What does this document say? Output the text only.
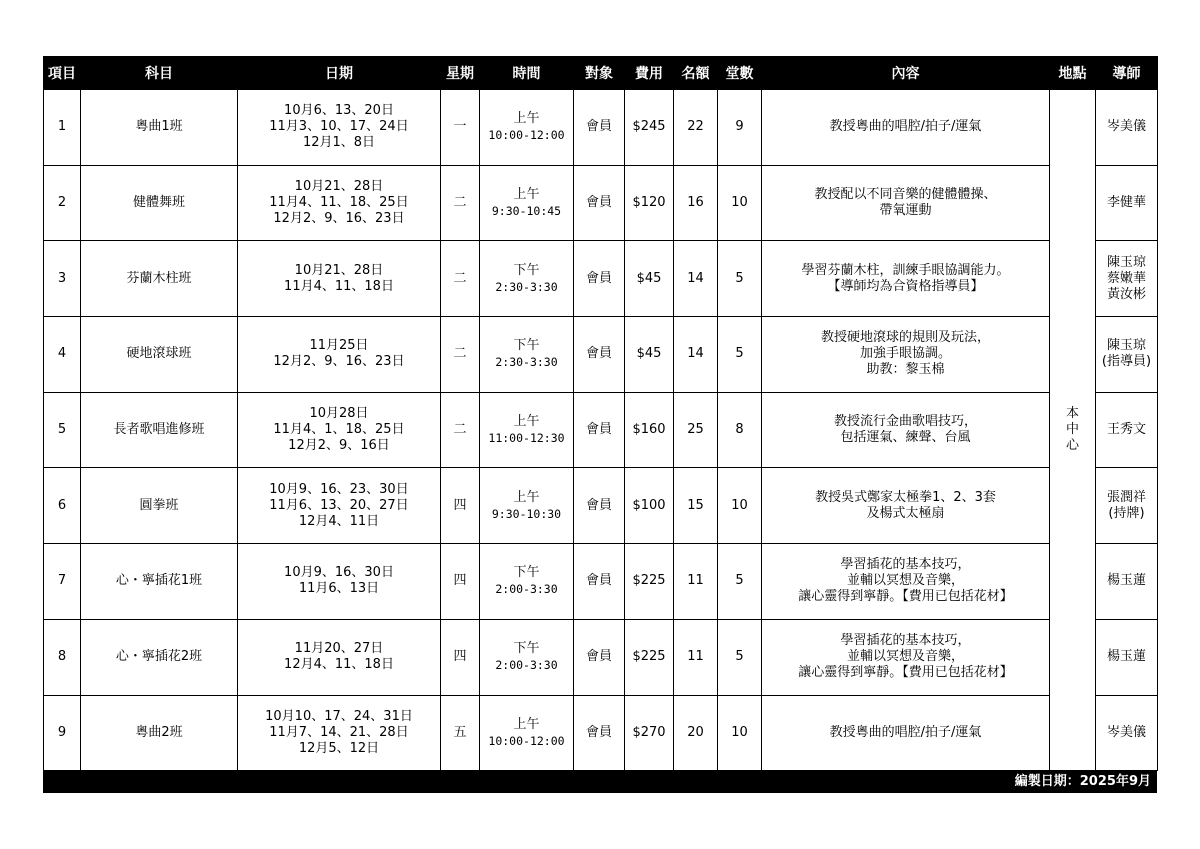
項目	科目	日期	星期	時間	對象	費用	名額	堂數	內容	地點	導師
1	粵曲1班	10月6、13、20日
11月3、10、17、24日
12月1、8日	一	上午
10:00-12:00	會員	$245	22	9	教授粵曲的唱腔/拍子/運氣	本
中
心	岑美儀

2	健體舞班	10月21、28日
11月4、11、18、25日
12月2、9、16、23日	二	上午
9:30-10:45	會員	$120	16	10	教授配以不同音樂的健體體操、
帶氧運動		李健華

3	芬蘭木柱班	10月21、28日
11月4、11、18日	二	下午
2:30-3:30	會員	$45	14	5	學習芬蘭木柱，訓練手眼協調能力。
【導師均為合資格指導員】		陳玉琼
蔡嫩華
黃汝彬

4	硬地滾球班	11月25日
12月2、9、16、23日	二	下午
2:30-3:30	會員	$45	14	5	教授硬地滾球的規則及玩法，
加強手眼協調。
助教：黎玉棉		陳玉琼
(指導員)

5	長者歌唱進修班	10月28日
11月4、1、18、25日
12月2、9、16日	二	上午
11:00-12:30	會員	$160	25	8	教授流行金曲歌唱技巧，
包括運氣、練聲、台風		王秀文

6	圓拳班	10月9、16、23、30日
11月6、13、20、27日
12月4、11日	四	上午
9:30-10:30	會員	$100	15	10	教授吳式鄭家太極拳1、2、3套
及楊式太極扇		張潤祥
(持牌)

7	心・寧插花1班	10月9、16、30日
11月6、13日	四	下午
2:00-3:30	會員	$225	11	5	學習插花的基本技巧，
並輔以冥想及音樂，
讓心靈得到寧靜。【費用已包括花材】		楊玉蓮

8	心・寧插花2班	11月20、27日
12月4、11、18日	四	下午
2:00-3:30	會員	$225	11	5	學習插花的基本技巧，
並輔以冥想及音樂，
讓心靈得到寧靜。【費用已包括花材】		楊玉蓮

9	粵曲2班	10月10、17、24、31日
11月7、14、21、28日
12月5、12日	五	上午
10:00-12:00	會員	$270	20	10	教授粵曲的唱腔/拍子/運氣		岑美儀
編製日期：2025年9月
